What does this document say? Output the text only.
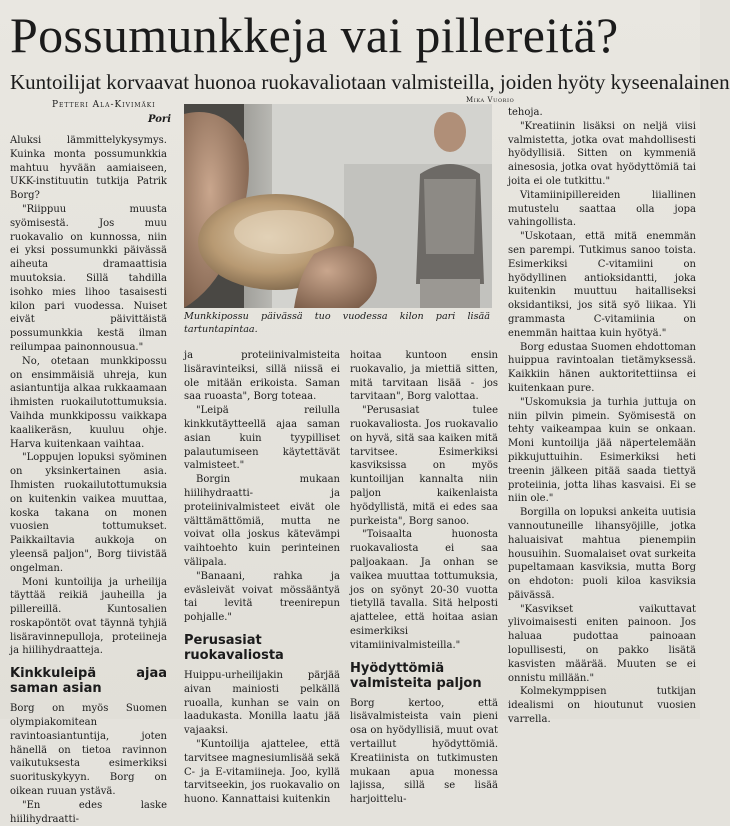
Possumunkkeja vai pillereitä?
Kuntoilijat korvaavat huonoa ruokavaliotaan valmisteilla, joiden hyöty kyseenalainen
Petteri Ala-Kivimäki
Pori
Mika Vuorio
Munkkipossu päivässä tuo vuodessa kilon pari lisää tartuntapintaa.

Aluksi lämmittelykysymys. Kuinka monta possumunkkia mahtuu hyvään aamiaiseen, UKK-instituutin tutkija Patrik Borg?

"Riippuu muusta syömisestä. Jos muu ruokavalio on kunnossa, niin ei yksi possumunkki päivässä aiheuta dramaattisia muutoksia. Sillä tahdilla isohko mies lihoo tasaisesti kilon pari vuodessa. Nuiset eivät päivittäistä possumunkkia kestä ilman reilumpaa painonnousua."

No, otetaan munkkipossu on ensimmäisiä uhreja, kun asiantuntija alkaa rukkaamaan ihmisten ruokailutottumuksia. Vaihda munkkipossu vaikkapa kaalikeräsn, kuuluu ohje. Harva kuitenkaan vaihtaa.

"Loppujen lopuksi syöminen on yksinkertainen asia. Ihmisten ruokailutottumuksia on kuitenkin vaikea muuttaa, koska takana on monen vuosien tottumukset. Paikkailtavia aukkoja on yleensä paljon", Borg tiivistää ongelman.

Moni kuntoilija ja urheilija täyttää reikiä jauheilla ja pillereillä. Kuntosalien roskapöntöt ovat täynnä tyhjiä lisäravinnepulloja, proteiineja ja hiilihydraatteja.

Kinkkuleipä ajaa saman asian

Borg on myös Suomen olympiakomitean ravintoasiantuntija, joten hänellä on tietoa ravinnon vaikutuksesta esimerkiksi suorituskykyyn. Borg on oikean ruuan ystävä.

"En edes laske hiilihydraatti-

ja proteiinivalmisteita lisäravinteiksi, sillä niissä ei ole mitään erikoista. Saman saa ruoasta", Borg toteaa.

"Leipä reilulla kinkkutäytteellä ajaa saman asian kuin tyypilliset palautumiseen käytettävät valmisteet."

Borgin mukaan hiilihydraatti- ja proteiinivalmisteet eivät ole välttämättömiä, mutta ne voivat olla joskus kätevämpi vaihtoehto kuin perinteinen välipala.

"Banaani, rahka ja eväsleivät voivat mössääntyä tai levitä treenirepun pohjalle."

Perusasiat ruokavaliosta

Huippu-urheilijakin pärjää aivan mainiosti pelkällä ruoalla, kunhan se vain on laadukasta. Monilla laatu jää vajaaksi.

"Kuntoilija ajattelee, että tarvitsee magnesiumlisää sekä C- ja E-vitamiineja. Joo, kyllä tarvitseekin, jos ruokavalio on huono. Kannattaisi kuitenkin

hoitaa kuntoon ensin ruokavalio, ja miettiä sitten, mitä tarvitaan lisää - jos tarvitaan", Borg valottaa.

"Perusasiat tulee ruokavaliosta. Jos ruokavalio on hyvä, sitä saa kaiken mitä tarvitsee. Esimerkiksi kasviksissa on myös kuntoilijan kannalta niin paljon kaikenlaista hyödyllistä, mitä ei edes saa purkeista", Borg sanoo.

"Toisaalta huonosta ruokavaliosta ei saa paljoakaan. Ja onhan se vaikea muuttaa tottumuksia, jos on syönyt 20-30 vuotta tietyllä tavalla. Sitä helposti ajattelee, että hoitaa asian esimerkiksi vitamiinivalmisteilla."

Hyödyttömiä valmisteita paljon

Borg kertoo, että lisävalmisteista vain pieni osa on hyödyllisiä, muut ovat vertaillut hyödyttömiä. Kreatiinista on tutkimusten mukaan apua monessa lajissa, sillä se lisää harjoittelu-

tehoja.

"Kreatiinin lisäksi on neljä viisi valmistetta, jotka ovat mahdollisesti hyödyllisiä. Sitten on kymmeniä ainesosia, jotka ovat hyödyttömiä tai joita ei ole tutkittu."

Vitamiinipillereiden liiallinen mutustelu saattaa olla jopa vahingollista.

"Uskotaan, että mitä enemmän sen parempi. Tutkimus sanoo toista. Esimerkiksi C-vitamiini on hyödyllinen antioksidantti, joka kuitenkin muuttuu haitalliseksi oksidantiksi, jos sitä syö liikaa. Yli grammasta C-vitamiinia on enemmän haittaa kuin hyötyä."

Borg edustaa Suomen ehdottoman huippua ravintoalan tietämyksessä. Kaikkiin hänen auktoritettiinsa ei kuitenkaan pure.

"Uskomuksia ja turhia juttuja on niin pilvin pimein. Syömisestä on tehty vaikeampaa kuin se onkaan. Moni kuntoilija jää näpertelemään pikkujuttuihin. Esimerkiksi heti treenin jälkeen pitää saada tiettyä proteiinia, jotta lihas kasvaisi. Ei se niin ole."

Borgilla on lopuksi ankeita uutisia vannoutuneille lihansyöjille, jotka haluaisivat mahtua pienempiin housuihin. Suomalaiset ovat surkeita pupeltamaan kasviksia, mutta Borg on ehdoton: puoli kiloa kasviksia päivässä.

"Kasvikset vaikuttavat ylivoimaisesti eniten painoon. Jos haluaa pudottaa painoaan lopullisesti, on pakko lisätä kasvisten määrää. Muuten se ei onnistu millään."

Kolmekymppisen tutkijan idealismi on hioutunut vuosien varrella.
